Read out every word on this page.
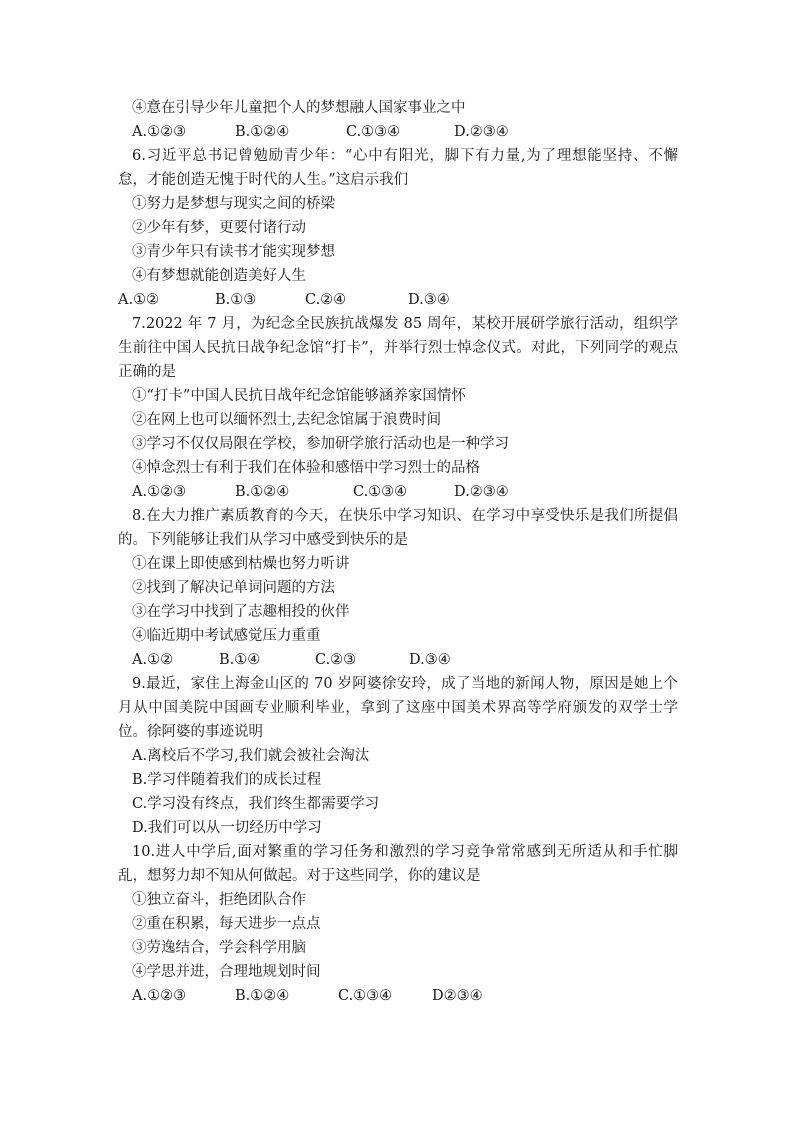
④意在引导少年儿童把个人的梦想融人国家事业之中
A.①②③	B.①②④	C.①③④	D.②③④
6.习近平总书记曾勉励青少年：“心中有阳光，脚下有力量,为了理想能坚持、不懈怠，才能创造无愧于时代的人生。”这启示我们
①努力是梦想与现实之间的桥梁
②少年有梦，更要付诸行动
③青少年只有读书才能实现梦想
④有梦想就能创造美好人生
A.①②	B.①③	C.②④	D.③④
7.2022 年 7 月，为纪念全民族抗战爆发 85 周年，某校开展研学旅行活动，组织学生前往中国人民抗日战争纪念馆“打卡”，并举行烈士悼念仪式。对此，下列同学的观点正确的是
①“打卡”中国人民抗日战年纪念馆能够涵养家国情怀
②在网上也可以缅怀烈士,去纪念馆属于浪费时间
③学习不仅仅局限在学校，参加研学旅行活动也是一种学习
④悼念烈士有利于我们在体验和感悟中学习烈士的品格
A.①②③	B.①②④	C.①③④	D.②③④
8.在大力推广素质教育的今天，在快乐中学习知识、在学习中享受快乐是我们所提倡的。下列能够让我们从学习中感受到快乐的是
①在课上即使感到枯燥也努力听讲
②找到了解决记单词问题的方法
③在学习中找到了志趣相投的伙伴
④临近期中考试感觉压力重重
A.①②	B.①④	C.②③	D.③④
9.最近，家住上海金山区的 70 岁阿婆徐安玲，成了当地的新闻人物，原因是她上个月从中国美院中国画专业顺利毕业，拿到了这座中国美术界高等学府颁发的双学士学位。徐阿婆的事迹说明
A.离校后不学习,我们就会被社会淘汰
B.学习伴随着我们的成长过程
C.学习没有终点，我们终生都需要学习
D.我们可以从一切经历中学习
10.进人中学后,面对繁重的学习任务和激烈的学习竞争常常感到无所适从和手忙脚乱，想努力却不知从何做起。对于这些同学，你的建议是
①独立奋斗，拒绝团队合作
②重在积累，每天进步一点点
③劳逸结合，学会科学用脑
④学思并进，合理地规划时间
A.①②③	B.①②④	C.①③④	D②③④
